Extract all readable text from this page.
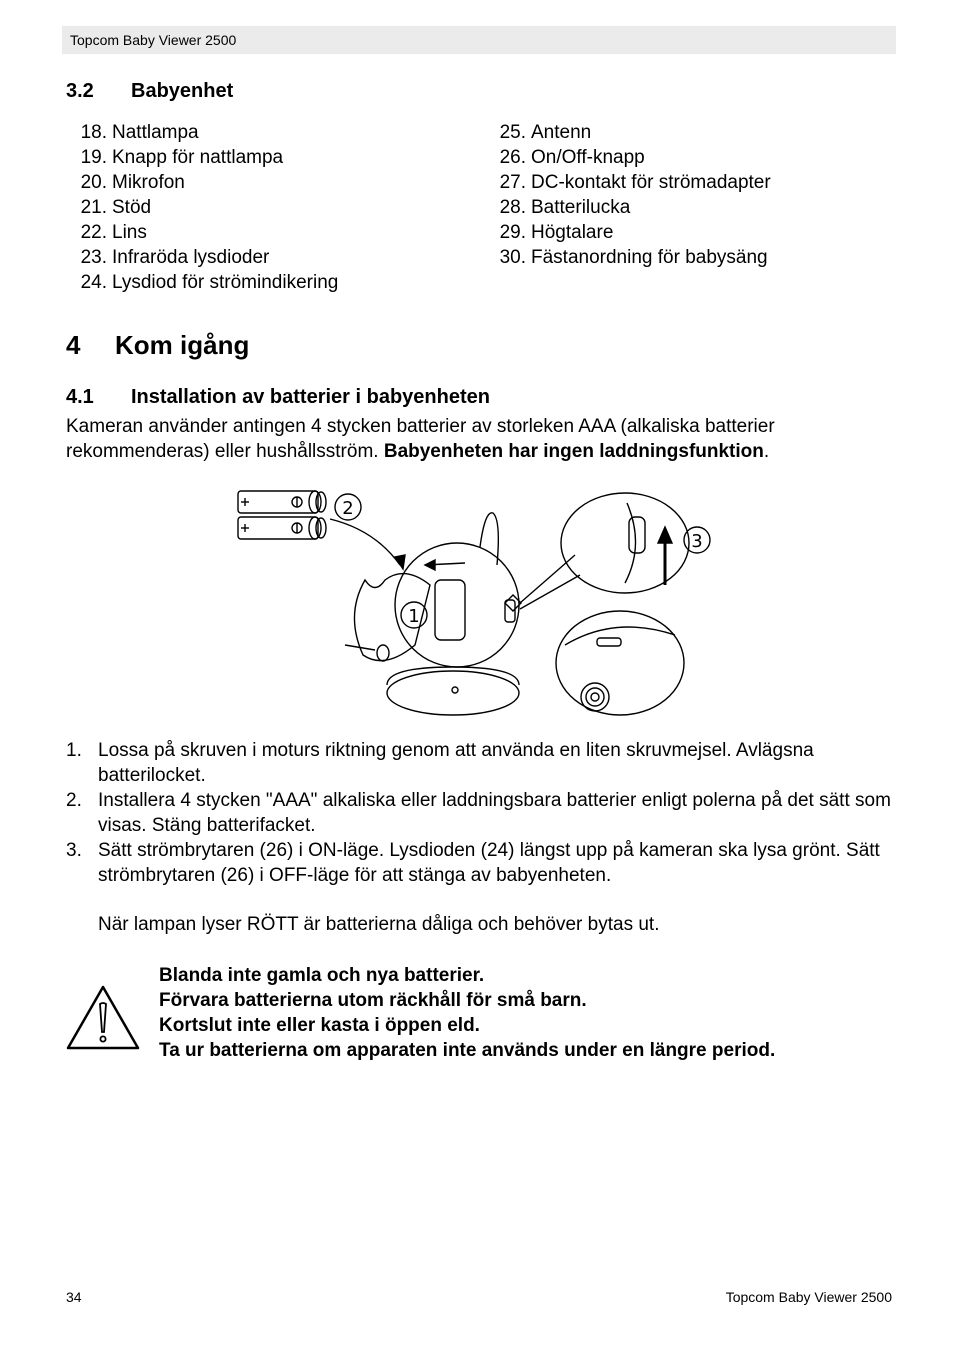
Topcom Baby Viewer 2500
3.2 Babyenhet
18. Nattlampa
19. Knapp för nattlampa
20. Mikrofon
21. Stöd
22. Lins
23. Infraröda lysdioder
24. Lysdiod för strömindikering
25. Antenn
26. On/Off-knapp
27. DC-kontakt för strömadapter
28. Batterilucka
29. Högtalare
30. Fästanordning för babysäng
4 Kom igång
4.1 Installation av batterier i babyenheten
Kameran använder antingen 4 stycken batterier av storleken AAA (alkaliska batterier rekommenderas) eller hushållsström. Babyenheten har ingen laddningsfunktion.
2
1
3
1. Lossa på skruven i moturs riktning genom att använda en liten skruvmejsel. Avlägsna batterilocket.
2. Installera 4 stycken "AAA" alkaliska eller laddningsbara batterier enligt polerna på det sätt som visas. Stäng batterifacket.
3. Sätt strömbrytaren (26) i ON-läge. Lysdioden (24) längst upp på kameran ska lysa grönt. Sätt strömbrytaren (26) i OFF-läge för att stänga av babyenheten.
När lampan lyser RÖTT är batterierna dåliga och behöver bytas ut.
Blanda inte gamla och nya batterier.
Förvara batterierna utom räckhåll för små barn.
Kortslut inte eller kasta i öppen eld.
Ta ur batterierna om apparaten inte används under en längre period.
34	Topcom Baby Viewer 2500
